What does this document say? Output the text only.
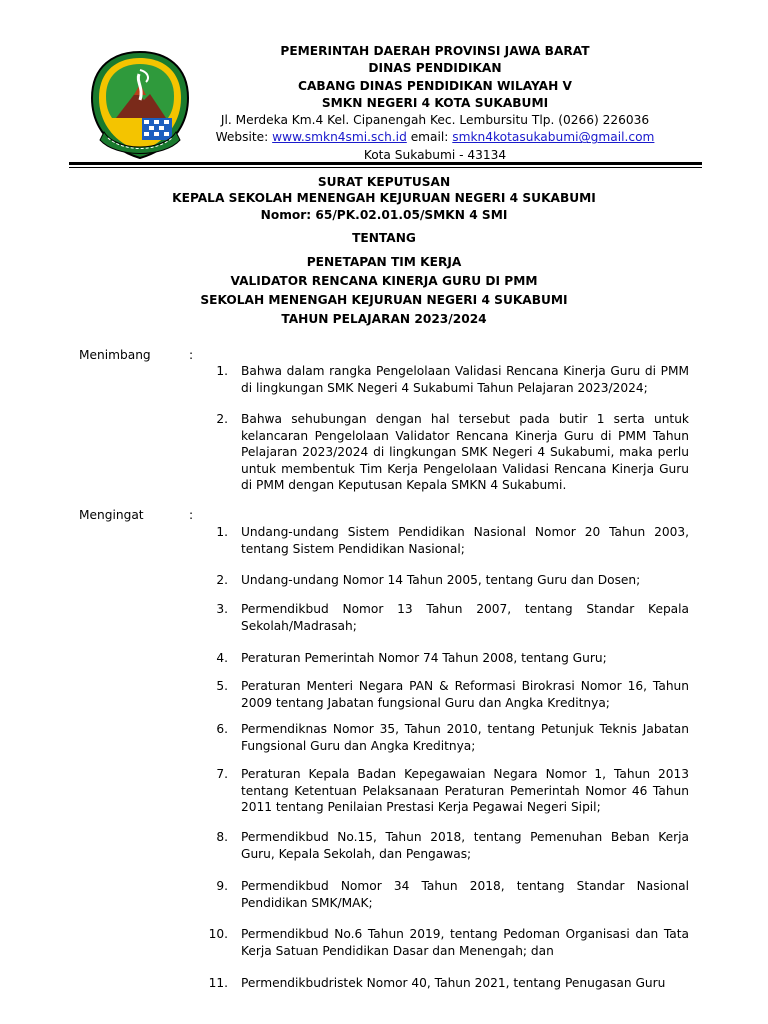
PEMERINTAH DAERAH PROVINSI JAWA BARAT
DINAS PENDIDIKAN
CABANG DINAS PENDIDIKAN WILAYAH V
SMKN NEGERI 4 KOTA SUKABUMI
Jl. Merdeka Km.4 Kel. Cipanengah Kec. Lembursitu Tlp. (0266) 226036
Website: www.smkn4smi.sch.id email: smkn4kotasukabumi@gmail.com
Kota Sukabumi - 43134
SURAT KEPUTUSAN
KEPALA SEKOLAH MENENGAH KEJURUAN NEGERI 4 SUKABUMI
Nomor: 65/PK.02.01.05/SMKN 4 SMI
TENTANG
PENETAPAN TIM KERJA
VALIDATOR RENCANA KINERJA GURU DI PMM
SEKOLAH MENENGAH KEJURUAN NEGERI 4 SUKABUMI
TAHUN PELAJARAN 2023/2024
Menimbang	:
1. Bahwa dalam rangka Pengelolaan Validasi Rencana Kinerja Guru di PMM di lingkungan SMK Negeri 4 Sukabumi Tahun Pelajaran 2023/2024;
2. Bahwa sehubungan dengan hal tersebut pada butir 1 serta untuk kelancaran Pengelolaan Validator Rencana Kinerja Guru di PMM Tahun Pelajaran 2023/2024 di lingkungan SMK Negeri 4 Sukabumi, maka perlu untuk membentuk Tim Kerja Pengelolaan Validasi Rencana Kinerja Guru di PMM dengan Keputusan Kepala SMKN 4 Sukabumi.
Mengingat	:
1. Undang-undang Sistem Pendidikan Nasional Nomor 20 Tahun 2003, tentang Sistem Pendidikan Nasional;
2. Undang-undang Nomor 14 Tahun 2005, tentang Guru dan Dosen;
3. Permendikbud Nomor 13 Tahun 2007, tentang Standar Kepala Sekolah/Madrasah;
4. Peraturan Pemerintah Nomor 74 Tahun 2008, tentang Guru;
5. Peraturan Menteri Negara PAN & Reformasi Birokrasi Nomor 16, Tahun 2009 tentang Jabatan fungsional Guru dan Angka Kreditnya;
6. Permendiknas Nomor 35, Tahun 2010, tentang Petunjuk Teknis Jabatan Fungsional Guru dan Angka Kreditnya;
7. Peraturan Kepala Badan Kepegawaian Negara Nomor 1, Tahun 2013 tentang Ketentuan Pelaksanaan Peraturan Pemerintah Nomor 46 Tahun 2011 tentang Penilaian Prestasi Kerja Pegawai Negeri Sipil;
8. Permendikbud No.15, Tahun 2018, tentang Pemenuhan Beban Kerja Guru, Kepala Sekolah, dan Pengawas;
9. Permendikbud Nomor 34 Tahun 2018, tentang Standar Nasional Pendidikan SMK/MAK;
10. Permendikbud No.6 Tahun 2019, tentang Pedoman Organisasi dan Tata Kerja Satuan Pendidikan Dasar dan Menengah; dan
11. Permendikbudristek Nomor 40, Tahun 2021, tentang Penugasan Guru
